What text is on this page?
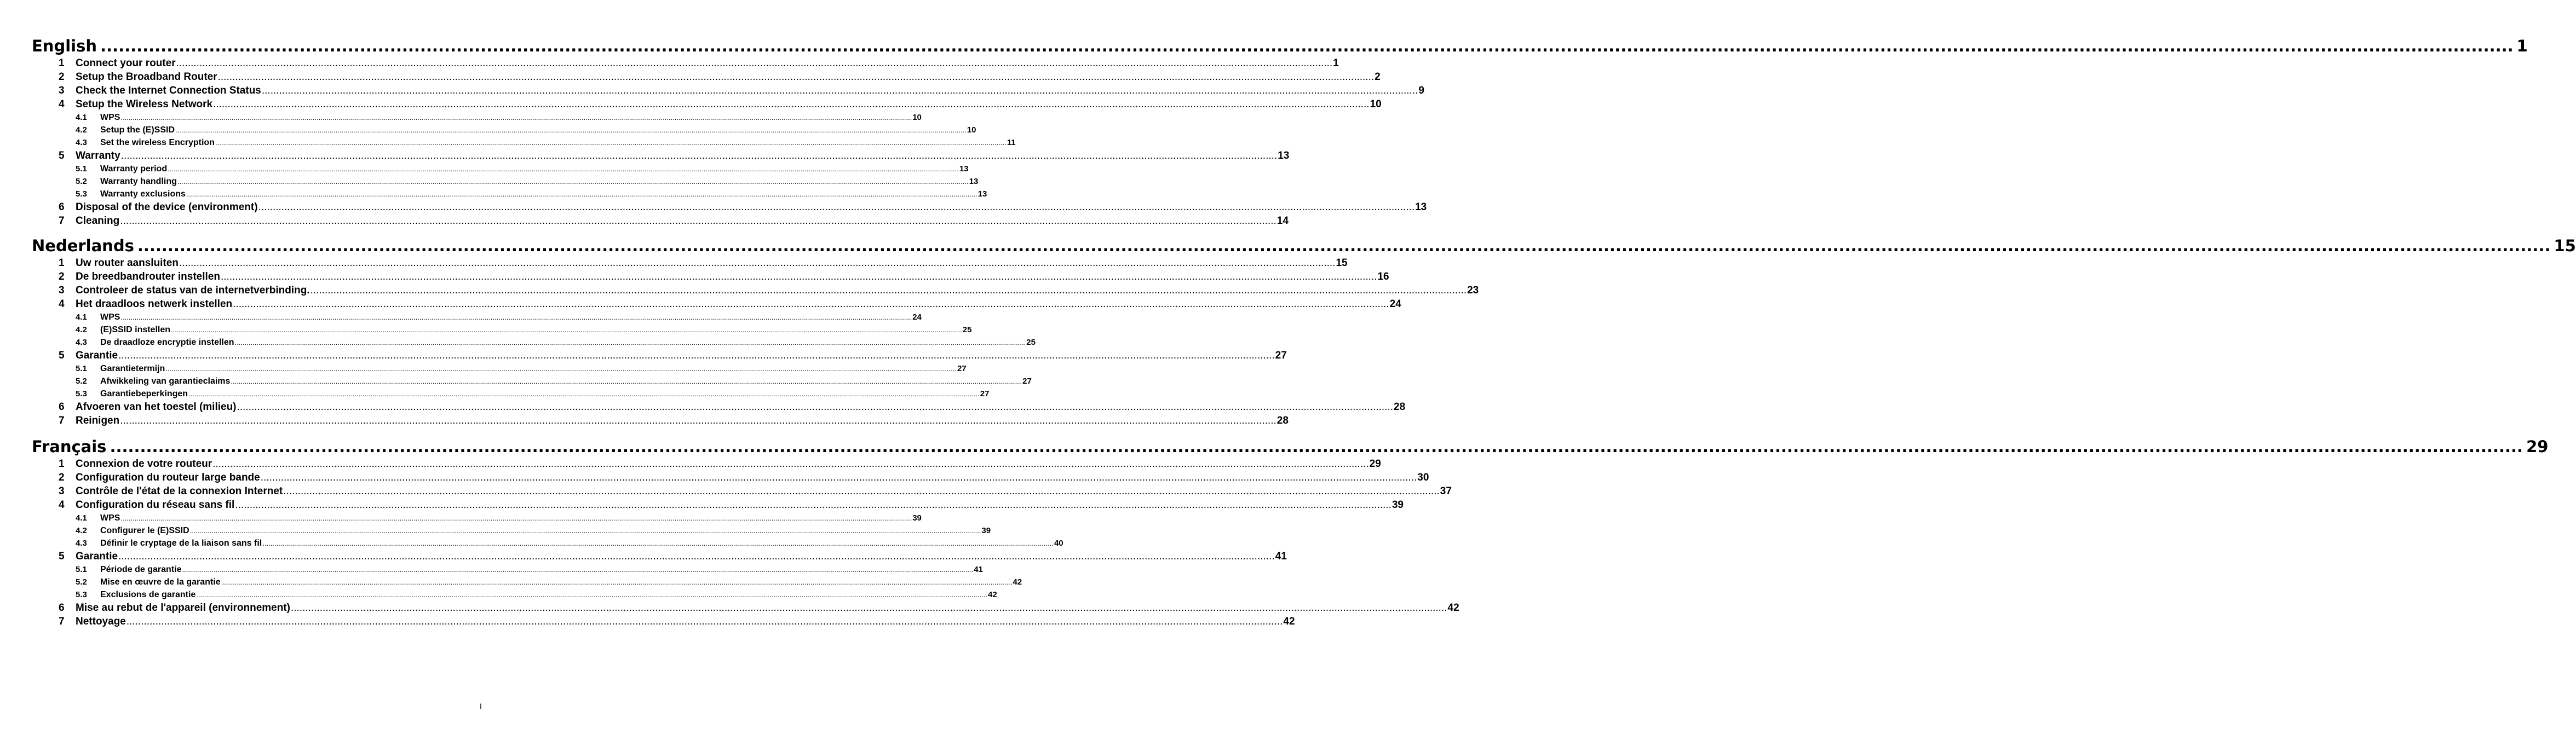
English ................................................................................................................................................................................................................................................................................................................................................................................................................ 1
1	Connect your router ................................................................................................................................................................................................................................................................................................................................................................................................................ 1
2	Setup the Broadband Router ................................................................................................................................................................................................................................................................................................................................................................................................................ 2
3	Check the Internet Connection Status ................................................................................................................................................................................................................................................................................................................................................................................................................ 9
4	Setup the Wireless Network ................................................................................................................................................................................................................................................................................................................................................................................................................ 10
4.1	WPS ................................................................................................................................................................................................................................................................................................................................................................................................................ 10
4.2	Setup the (E)SSID ................................................................................................................................................................................................................................................................................................................................................................................................................ 10
4.3	Set the wireless Encryption ................................................................................................................................................................................................................................................................................................................................................................................................................ 11
5	Warranty ................................................................................................................................................................................................................................................................................................................................................................................................................ 13
5.1	Warranty period ................................................................................................................................................................................................................................................................................................................................................................................................................ 13
5.2	Warranty handling ................................................................................................................................................................................................................................................................................................................................................................................................................ 13
5.3	Warranty exclusions ................................................................................................................................................................................................................................................................................................................................................................................................................ 13
6	Disposal of the device (environment) ................................................................................................................................................................................................................................................................................................................................................................................................................ 13
7	Cleaning ................................................................................................................................................................................................................................................................................................................................................................................................................ 14
Nederlands ................................................................................................................................................................................................................................................................................................................................................................................................................ 15
1	Uw router aansluiten ................................................................................................................................................................................................................................................................................................................................................................................................................ 15
2	De breedbandrouter instellen ................................................................................................................................................................................................................................................................................................................................................................................................................ 16
3	Controleer de status van de internetverbinding. ................................................................................................................................................................................................................................................................................................................................................................................................................ 23
4	Het draadloos netwerk instellen ................................................................................................................................................................................................................................................................................................................................................................................................................ 24
4.1	WPS ................................................................................................................................................................................................................................................................................................................................................................................................................ 24
4.2	(E)SSID instellen ................................................................................................................................................................................................................................................................................................................................................................................................................ 25
4.3	De draadloze encryptie instellen ................................................................................................................................................................................................................................................................................................................................................................................................................ 25
5	Garantie ................................................................................................................................................................................................................................................................................................................................................................................................................ 27
5.1	Garantietermijn ................................................................................................................................................................................................................................................................................................................................................................................................................ 27
5.2	Afwikkeling van garantieclaims ................................................................................................................................................................................................................................................................................................................................................................................................................ 27
5.3	Garantiebeperkingen ................................................................................................................................................................................................................................................................................................................................................................................................................ 27
6	Afvoeren van het toestel (milieu) ................................................................................................................................................................................................................................................................................................................................................................................................................ 28
7	Reinigen ................................................................................................................................................................................................................................................................................................................................................................................................................ 28
Français ................................................................................................................................................................................................................................................................................................................................................................................................................ 29
1	Connexion de votre routeur ................................................................................................................................................................................................................................................................................................................................................................................................................ 29
2	Configuration du routeur large bande ................................................................................................................................................................................................................................................................................................................................................................................................................ 30
3	Contrôle de l'état de la connexion Internet ................................................................................................................................................................................................................................................................................................................................................................................................................ 37
4	Configuration du réseau sans fil ................................................................................................................................................................................................................................................................................................................................................................................................................ 39
4.1	WPS ................................................................................................................................................................................................................................................................................................................................................................................................................ 39
4.2	Configurer le (E)SSID ................................................................................................................................................................................................................................................................................................................................................................................................................ 39
4.3	Définir le cryptage de la liaison sans fil ................................................................................................................................................................................................................................................................................................................................................................................................................ 40
5	Garantie ................................................................................................................................................................................................................................................................................................................................................................................................................ 41
5.1	Période de garantie ................................................................................................................................................................................................................................................................................................................................................................................................................ 41
5.2	Mise en œuvre de la garantie ................................................................................................................................................................................................................................................................................................................................................................................................................ 42
5.3	Exclusions de garantie ................................................................................................................................................................................................................................................................................................................................................................................................................ 42
6	Mise au rebut de l'appareil (environnement) ................................................................................................................................................................................................................................................................................................................................................................................................................ 42
7	Nettoyage ................................................................................................................................................................................................................................................................................................................................................................................................................ 42
I
